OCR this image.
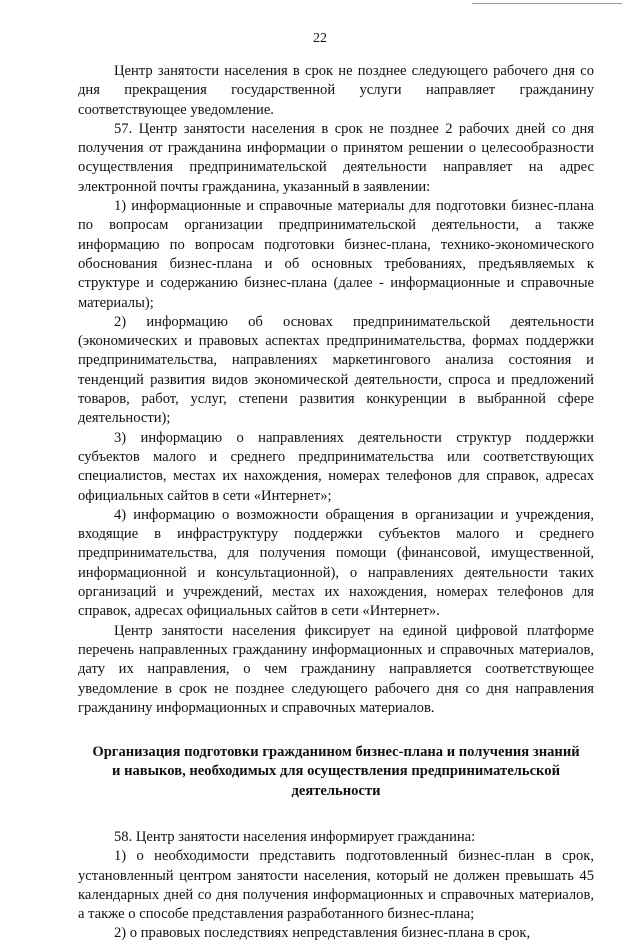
22

Центр занятости населения в срок не позднее следующего рабочего дня со дня прекращения государственной услуги направляет гражданину соответствующее уведомление.

57. Центр занятости населения в срок не позднее 2 рабочих дней со дня получения от гражданина информации о принятом решении о целесообразности осуществления предпринимательской деятельности направляет на адрес электронной почты гражданина, указанный в заявлении:

1) информационные и справочные материалы для подготовки бизнес-плана по вопросам организации предпринимательской деятельности, а также информацию по вопросам подготовки бизнес-плана, технико-экономического обоснования бизнес-плана и об основных требованиях, предъявляемых к структуре и содержанию бизнес-плана (далее - информационные и справочные материалы);

2) информацию об основах предпринимательской деятельности (экономических и правовых аспектах предпринимательства, формах поддержки предпринимательства, направлениях маркетингового анализа состояния и тенденций развития видов экономической деятельности, спроса и предложений товаров, работ, услуг, степени развития конкуренции в выбранной сфере деятельности);

3) информацию о направлениях деятельности структур поддержки субъектов малого и среднего предпринимательства или соответствующих специалистов, местах их нахождения, номерах телефонов для справок, адресах официальных сайтов в сети «Интернет»;

4) информацию о возможности обращения в организации и учреждения, входящие в инфраструктуру поддержки субъектов малого и среднего предпринимательства, для получения помощи (финансовой, имущественной, информационной и консультационной), о направлениях деятельности таких организаций и учреждений, местах их нахождения, номерах телефонов для справок, адресах официальных сайтов в сети «Интернет».

Центр занятости населения фиксирует на единой цифровой платформе перечень направленных гражданину информационных и справочных материалов, дату их направления, о чем гражданину направляется соответствующее уведомление в срок не позднее следующего рабочего дня со дня направления гражданину информационных и справочных материалов.

Организация подготовки гражданином бизнес-плана и получения знаний
и навыков, необходимых для осуществления предпринимательской
деятельности

58. Центр занятости населения информирует гражданина:

1) о необходимости представить подготовленный бизнес-план в срок, установленный центром занятости населения, который не должен превышать 45 календарных дней со дня получения информационных и справочных материалов, а также о способе представления разработанного бизнес-плана;

2) о правовых последствиях непредставления бизнес-плана в срок,
